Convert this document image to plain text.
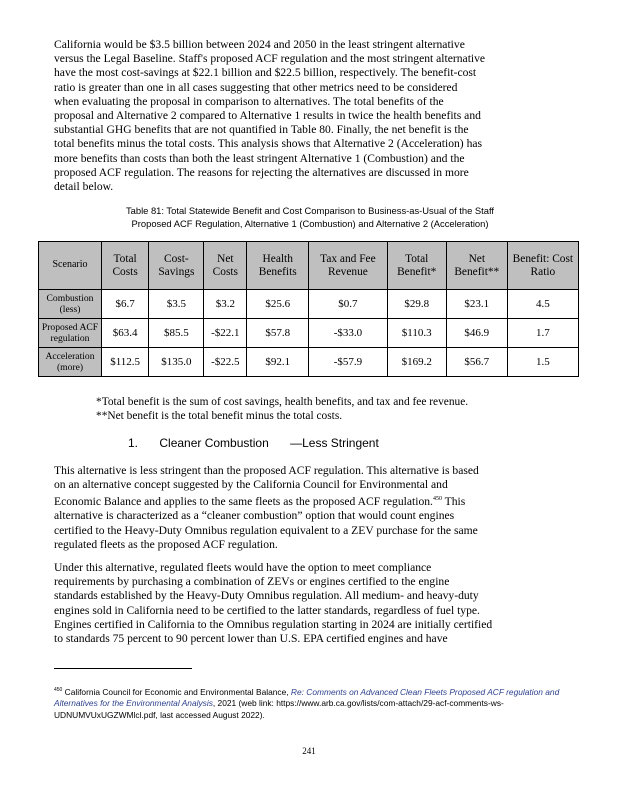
California would be $3.5 billion between 2024 and 2050 in the least stringent alternative
versus the Legal Baseline. Staff's proposed ACF regulation and the most stringent alternative
have the most cost-savings at $22.1 billion and $22.5 billion, respectively. The benefit-cost
ratio is greater than one in all cases suggesting that other metrics need to be considered
when evaluating the proposal in comparison to alternatives. The total benefits of the
proposal and Alternative 2 compared to Alternative 1 results in twice the health benefits and
substantial GHG benefits that are not quantified in Table 80. Finally, the net benefit is the
total benefits minus the total costs. This analysis shows that Alternative 2 (Acceleration) has
more benefits than costs than both the least stringent Alternative 1 (Combustion) and the
proposed ACF regulation. The reasons for rejecting the alternatives are discussed in more
detail below.
Table 81: Total Statewide Benefit and Cost Comparison to Business-as-Usual of the Staff
Proposed ACF Regulation, Alternative 1 (Combustion) and Alternative 2 (Acceleration)
Scenario	Total Costs	Cost-Savings	Net Costs	Health Benefits	Tax and Fee Revenue	Total Benefit*	Net Benefit**	Benefit: Cost Ratio
Combustion (less)	$6.7	$3.5	$3.2	$25.6	$0.7	$29.8	$23.1	4.5
Proposed ACF regulation	$63.4	$85.5	-$22.1	$57.8	-$33.0	$110.3	$46.9	1.7
Acceleration (more)	$112.5	$135.0	-$22.5	$92.1	-$57.9	$169.2	$56.7	1.5
*Total benefit is the sum of cost savings, health benefits, and tax and fee revenue.
**Net benefit is the total benefit minus the total costs.
1. Cleaner Combustion —Less Stringent
This alternative is less stringent than the proposed ACF regulation. This alternative is based
on an alternative concept suggested by the California Council for Environmental and
Economic Balance and applies to the same fleets as the proposed ACF regulation.$^{450}$ This
alternative is characterized as a “cleaner combustion” option that would count engines
certified to the Heavy-Duty Omnibus regulation equivalent to a ZEV purchase for the same
regulated fleets as the proposed ACF regulation.
Under this alternative, regulated fleets would have the option to meet compliance
requirements by purchasing a combination of ZEVs or engines certified to the engine
standards established by the Heavy-Duty Omnibus regulation. All medium- and heavy-duty
engines sold in California need to be certified to the latter standards, regardless of fuel type.
Engines certified in California to the Omnibus regulation starting in 2024 are initially certified
to standards 75 percent to 90 percent lower than U.S. EPA certified engines and have
$^{450}$ California Council for Economic and Environmental Balance, Re: Comments on Advanced Clean Fleets Proposed ACF regulation and Alternatives for the Environmental Analysis, 2021 (web link: https://www.arb.ca.gov/lists/com-attach/29-acf-comments-ws-UDNUMVUxUGZWMlcl.pdf, last accessed August 2022).
241
